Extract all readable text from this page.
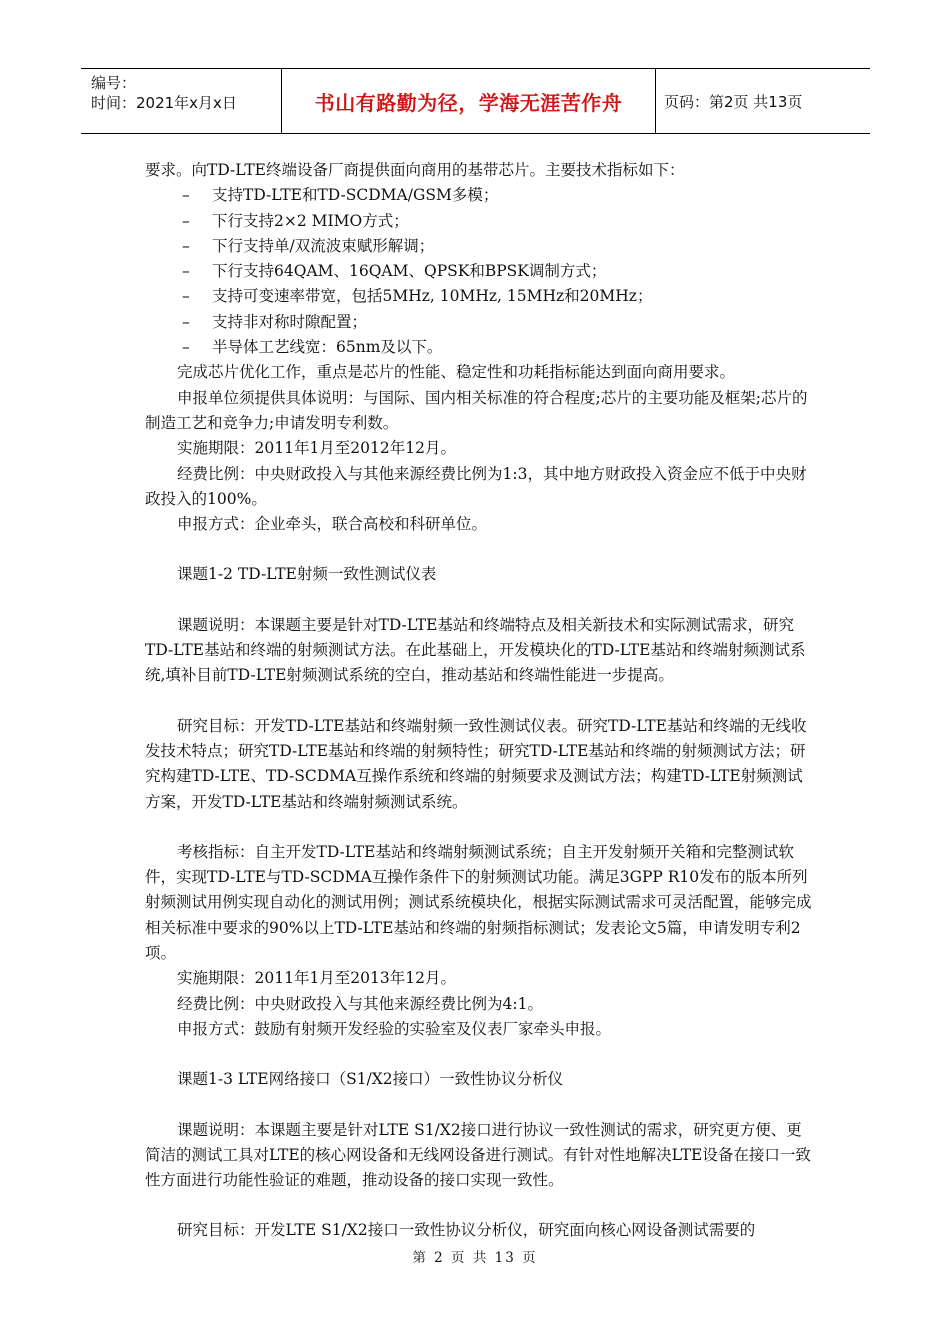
编号：
时间：2021年x月x日	书山有路勤为径，学海无涯苦作舟	页码：第2页 共13页

要求。向TD-LTE终端设备厂商提供面向商用的基带芯片。主要技术指标如下：

– 支持TD-LTE和TD-SCDMA/GSM多模；

– 下行支持2×2 MIMO方式；

– 下行支持单/双流波束赋形解调；

– 下行支持64QAM、16QAM、QPSK和BPSK调制方式；

– 支持可变速率带宽，包括5MHz, 10MHz, 15MHz和20MHz；

– 支持非对称时隙配置；

– 半导体工艺线宽：65nm及以下。

完成芯片优化工作，重点是芯片的性能、稳定性和功耗指标能达到面向商用要求。

申报单位须提供具体说明：与国际、国内相关标准的符合程度;芯片的主要功能及框架;芯片的制造工艺和竞争力;申请发明专利数。

实施期限：2011年1月至2012年12月。

经费比例：中央财政投入与其他来源经费比例为1:3，其中地方财政投入资金应不低于中央财政投入的100%。

申报方式：企业牵头，联合高校和科研单位。

课题1-2 TD-LTE射频一致性测试仪表

课题说明：本课题主要是针对TD-LTE基站和终端特点及相关新技术和实际测试需求，研究TD-LTE基站和终端的射频测试方法。在此基础上，开发模块化的TD-LTE基站和终端射频测试系统,填补目前TD-LTE射频测试系统的空白，推动基站和终端性能进一步提高。

研究目标：开发TD-LTE基站和终端射频一致性测试仪表。研究TD-LTE基站和终端的无线收发技术特点；研究TD-LTE基站和终端的射频特性；研究TD-LTE基站和终端的射频测试方法；研究构建TD-LTE、TD-SCDMA互操作系统和终端的射频要求及测试方法；构建TD-LTE射频测试方案，开发TD-LTE基站和终端射频测试系统。

考核指标：自主开发TD-LTE基站和终端射频测试系统；自主开发射频开关箱和完整测试软件，实现TD-LTE与TD-SCDMA互操作条件下的射频测试功能。满足3GPP R10发布的版本所列射频测试用例实现自动化的测试用例；测试系统模块化，根据实际测试需求可灵活配置，能够完成相关标准中要求的90%以上TD-LTE基站和终端的射频指标测试；发表论文5篇，申请发明专利2项。

实施期限：2011年1月至2013年12月。

经费比例：中央财政投入与其他来源经费比例为4:1。

申报方式：鼓励有射频开发经验的实验室及仪表厂家牵头申报。

课题1-3 LTE网络接口（S1/X2接口）一致性协议分析仪

课题说明：本课题主要是针对LTE S1/X2接口进行协议一致性测试的需求，研究更方便、更简洁的测试工具对LTE的核心网设备和无线网设备进行测试。有针对性地解决LTE设备在接口一致性方面进行功能性验证的难题，推动设备的接口实现一致性。

研究目标：开发LTE S1/X2接口一致性协议分析仪，研究面向核心网设备测试需要的

第 2 页 共 13 页
